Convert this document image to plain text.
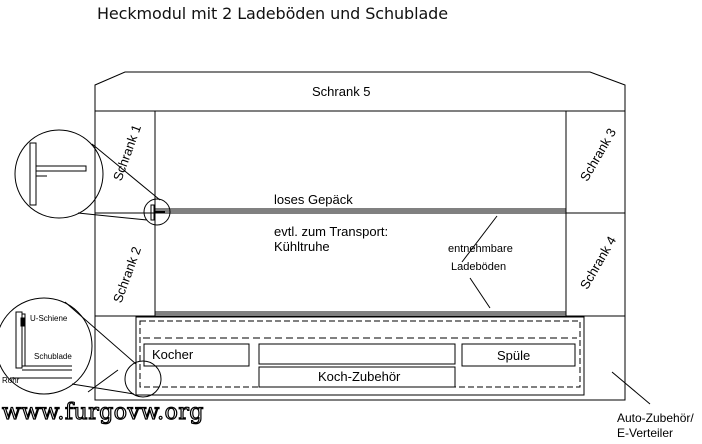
Heckmodul mit 2 Ladeböden und Schublade
Schrank 5
Schrank 1
Schrank 2
Schrank 3
Schrank 4
loses Gepäck
evtl. zum Transport:
Kühltruhe	entnehmbare
Ladeböden
Kocher	Spüle
Koch-Zubehör
U-Schiene
Schublade
Rohr
Auto-Zubehör/
E-Verteiler
www.furgovw.org
